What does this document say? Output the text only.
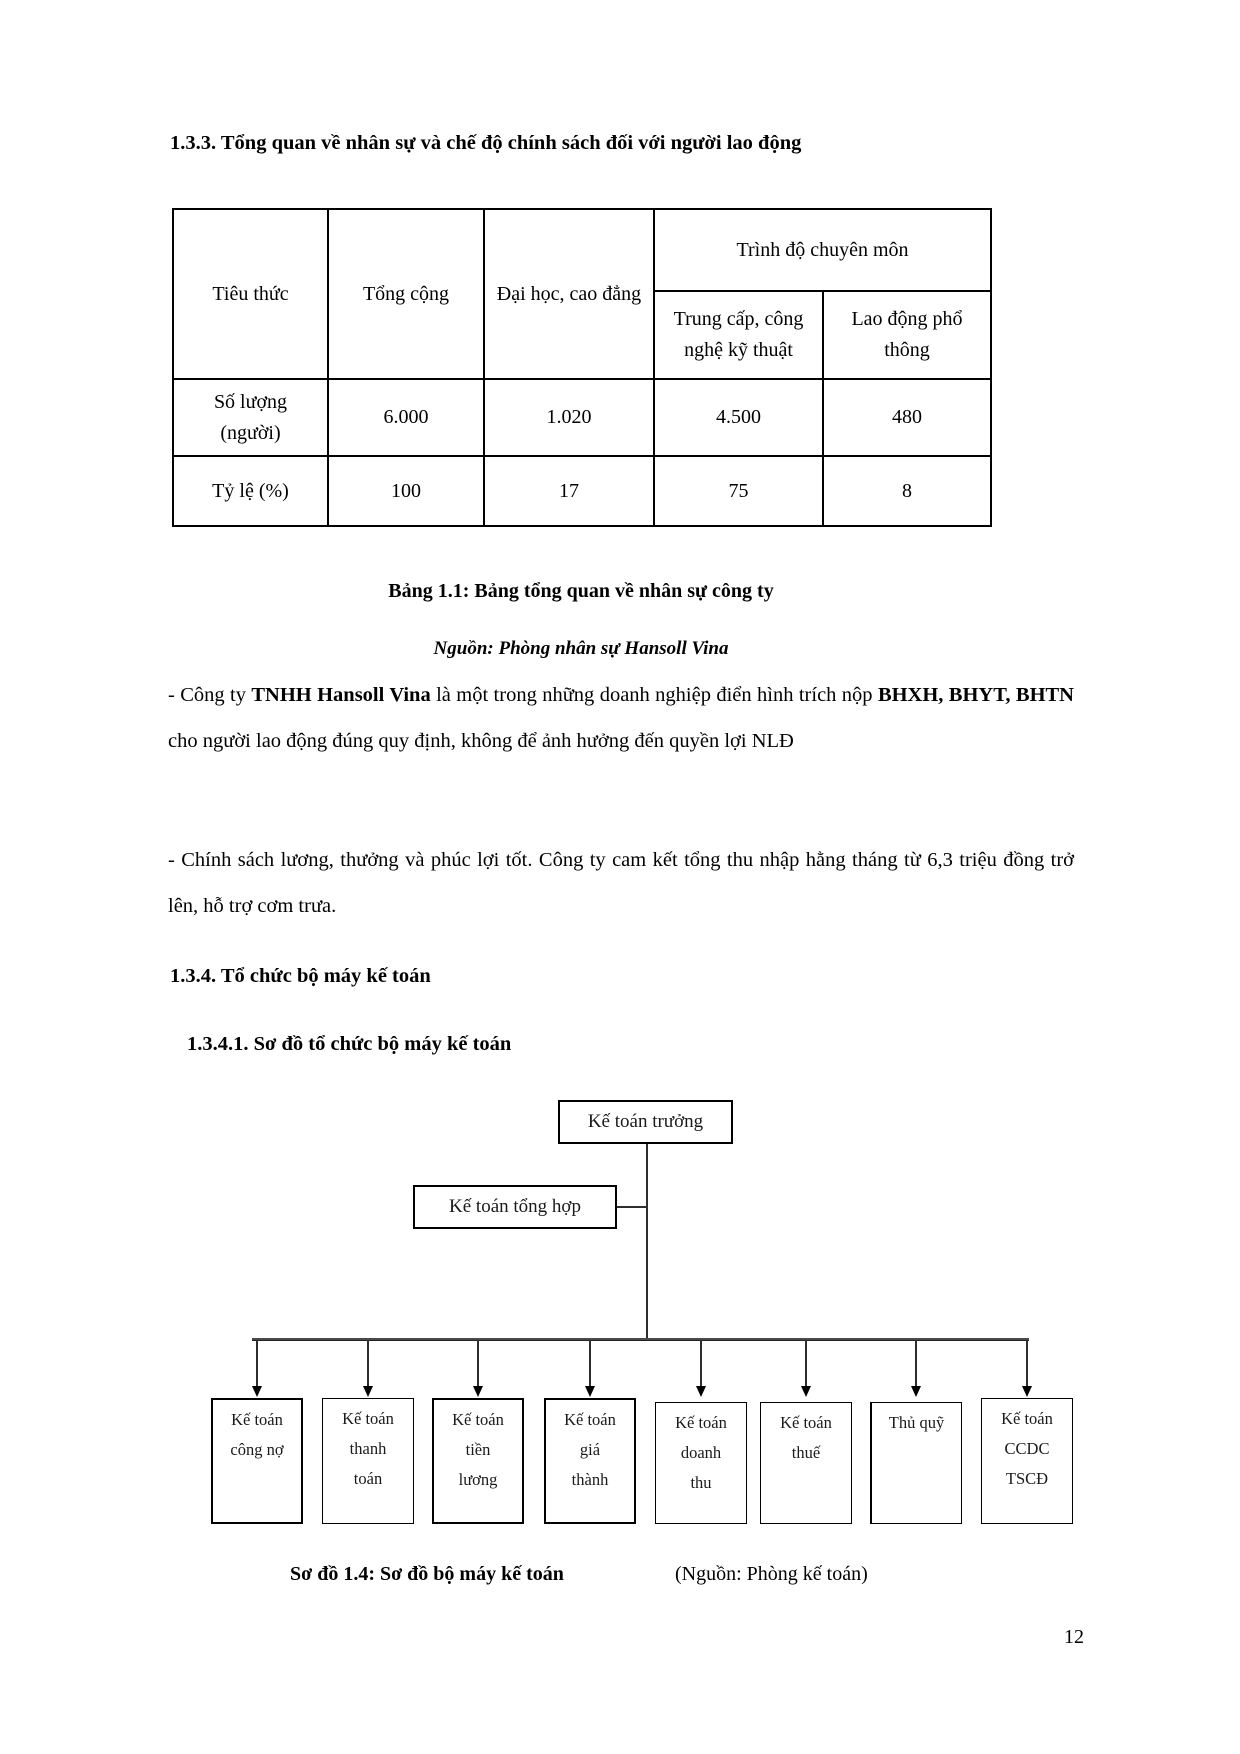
1.3.3. Tổng quan về nhân sự và chế độ chính sách đối với người lao động
Tiêu thức	Tổng cộng	Đại học, cao đẳng	Trình độ chuyên môn	
			Trung cấp, công nghệ kỹ thuật	Lao động phổ thông
Số lượng (người)	6.000	1.020	4.500	480
Tỷ lệ (%)	100	17	75	8
Bảng 1.1: Bảng tổng quan về nhân sự công ty
Nguồn: Phòng nhân sự Hansoll Vina

- Công ty TNHH Hansoll Vina là một trong những doanh nghiệp điển hình trích nộp BHXH, BHYT, BHTN cho người lao động đúng quy định, không để ảnh hưởng đến quyền lợi NLĐ

- Chính sách lương, thưởng và phúc lợi tốt. Công ty cam kết tổng thu nhập hằng tháng từ 6,3 triệu đồng trở lên, hỗ trợ cơm trưa.

1.3.4. Tổ chức bộ máy kế toán
1.3.4.1. Sơ đồ tổ chức bộ máy kế toán
Kế toán trưởng
Kế toán tổng hợp
Kế toán công nợ
Kế toán thanh toán
Kế toán tiền lương
Kế toán giá thành
Kế toán doanh thu
Kế toán thuế
Thủ quỹ	Kế toán CCDC TSCĐ
Sơ đồ 1.4: Sơ đồ bộ máy kế toán	(Nguồn: Phòng kế toán)
12
